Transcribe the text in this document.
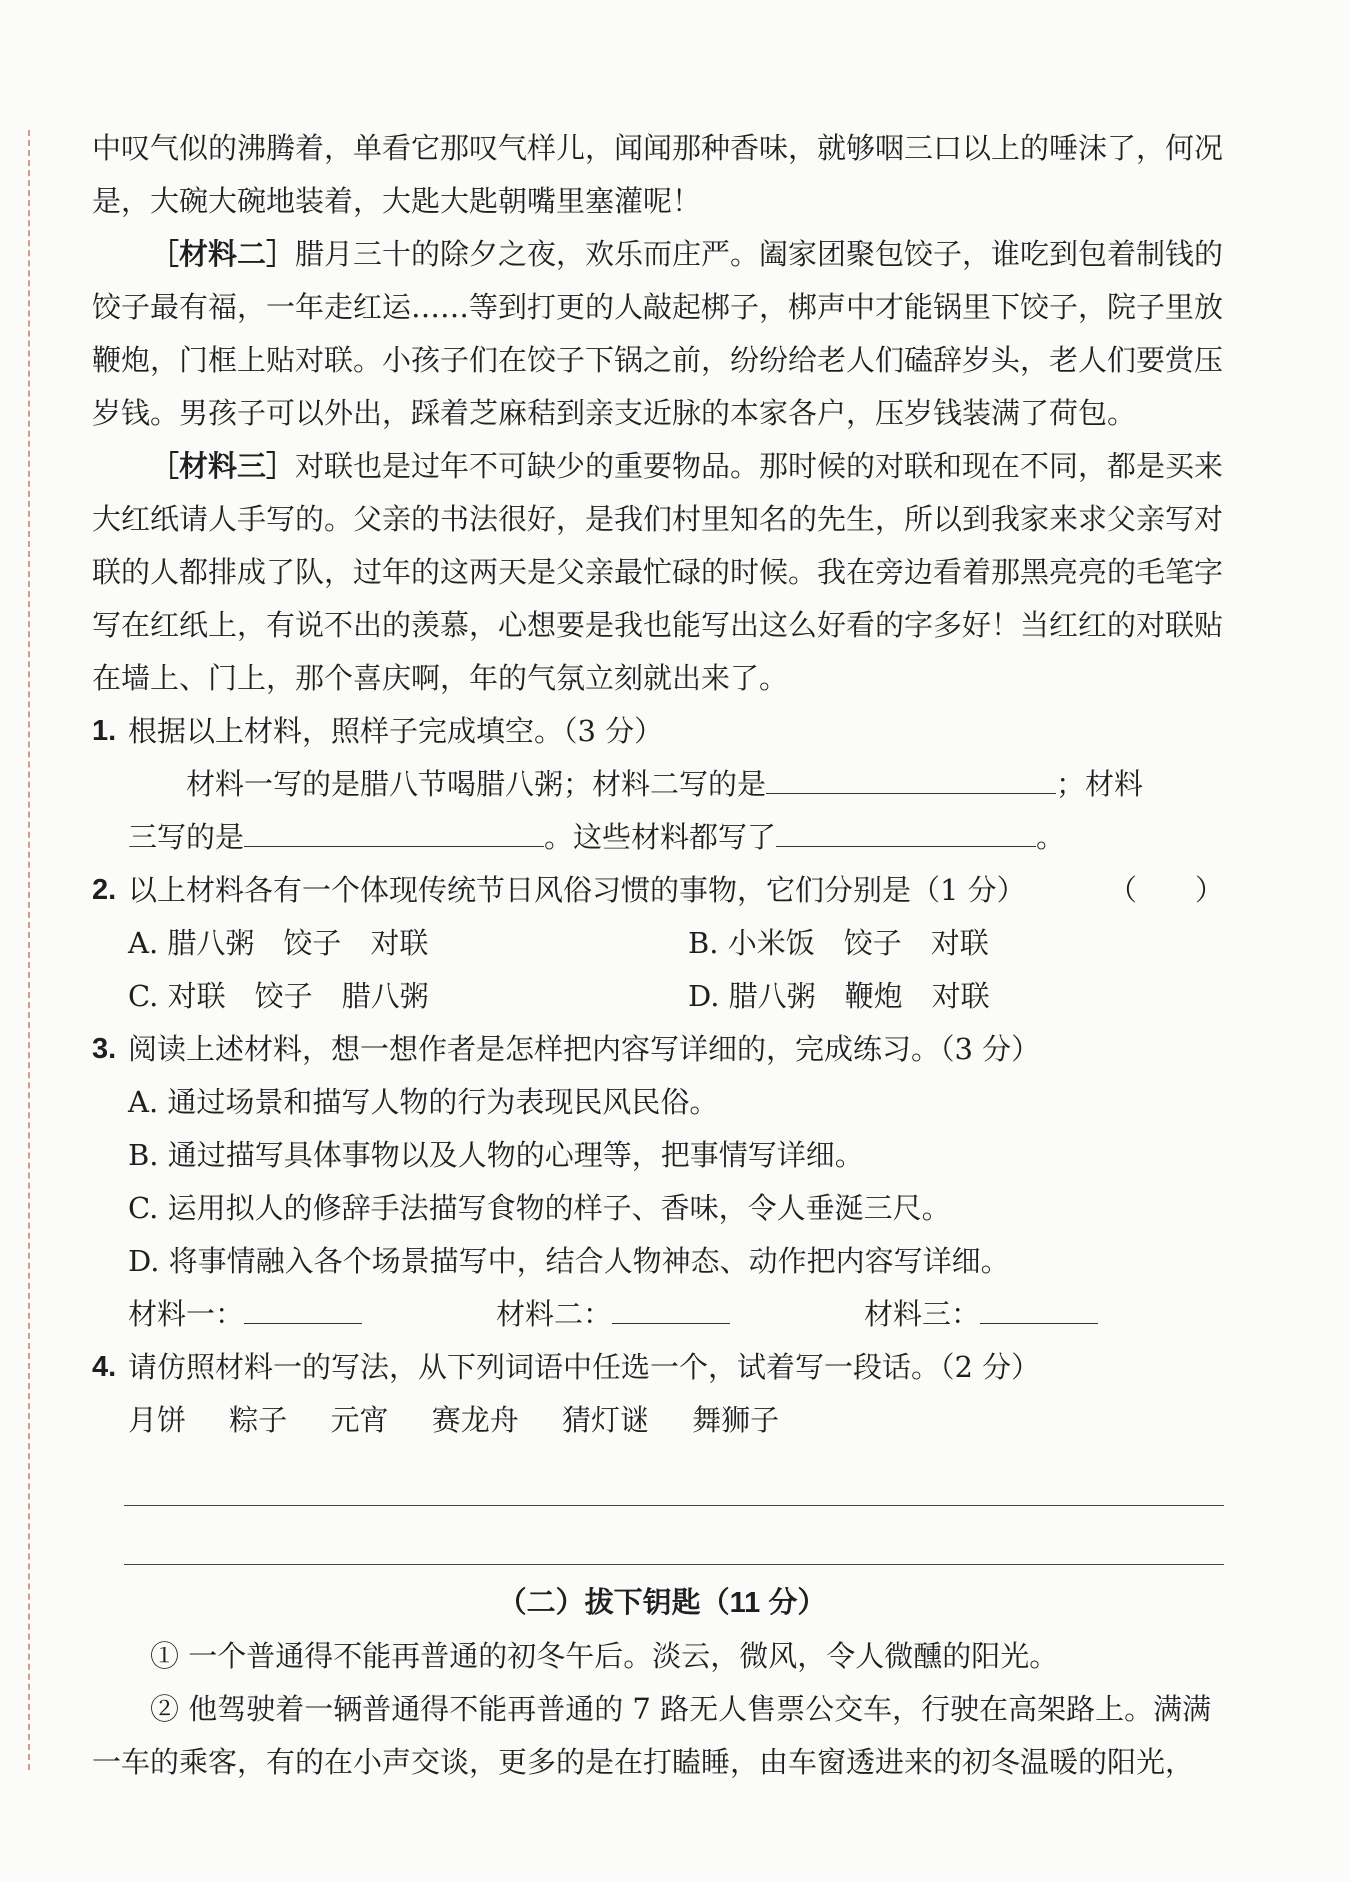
中叹气似的沸腾着，单看它那叹气样儿，闻闻那种香味，就够咽三口以上的唾沫了，何况

是，大碗大碗地装着，大匙大匙朝嘴里塞灌呢！

［材料二］腊月三十的除夕之夜，欢乐而庄严。阖家团聚包饺子，谁吃到包着制钱的饺子最有福，一年走红运……等到打更的人敲起梆子，梆声中才能锅里下饺子，院子里放鞭炮，门框上贴对联。小孩子们在饺子下锅之前，纷纷给老人们磕辞岁头，老人们要赏压岁钱。男孩子可以外出，踩着芝麻秸到亲支近脉的本家各户，压岁钱装满了荷包。

［材料三］对联也是过年不可缺少的重要物品。那时候的对联和现在不同，都是买来大红纸请人手写的。父亲的书法很好，是我们村里知名的先生，所以到我家来求父亲写对联的人都排成了队，过年的这两天是父亲最忙碌的时候。我在旁边看着那黑亮亮的毛笔字写在红纸上，有说不出的羡慕，心想要是我也能写出这么好看的字多好！当红红的对联贴在墙上、门上，那个喜庆啊，年的气氛立刻就出来了。

1. 根据以上材料，照样子完成填空。（3 分）

材料一写的是腊八节喝腊八粥；材料二写的是	；材料

三写的是	。这些材料都写了	。

2. 以上材料各有一个体现传统节日风俗习惯的事物，它们分别是（1 分）	（　　）
A. 腊八粥　饺子　对联	B. 小米饭　饺子　对联
C. 对联　饺子　腊八粥	D. 腊八粥　鞭炮　对联
3. 阅读上述材料，想一想作者是怎样把内容写详细的，完成练习。（3 分）

A. 通过场景和描写人物的行为表现民风民俗。

B. 通过描写具体事物以及人物的心理等，把事情写详细。

C. 运用拟人的修辞手法描写食物的样子、香味，令人垂涎三尺。

D. 将事情融入各个场景描写中，结合人物神态、动作把内容写详细。

材料一：	材料二：	材料三：
4. 请仿照材料一的写法，从下列词语中任选一个，试着写一段话。（2 分）

月饼 粽子 元宵 赛龙舟 猜灯谜 舞狮子

（二）拔下钥匙（11 分）

① 一个普通得不能再普通的初冬午后。淡云，微风，令人微醺的阳光。

② 他驾驶着一辆普通得不能再普通的 7 路无人售票公交车，行驶在高架路上。满满一车的乘客，有的在小声交谈，更多的是在打瞌睡，由车窗透进来的初冬温暖的阳光，
